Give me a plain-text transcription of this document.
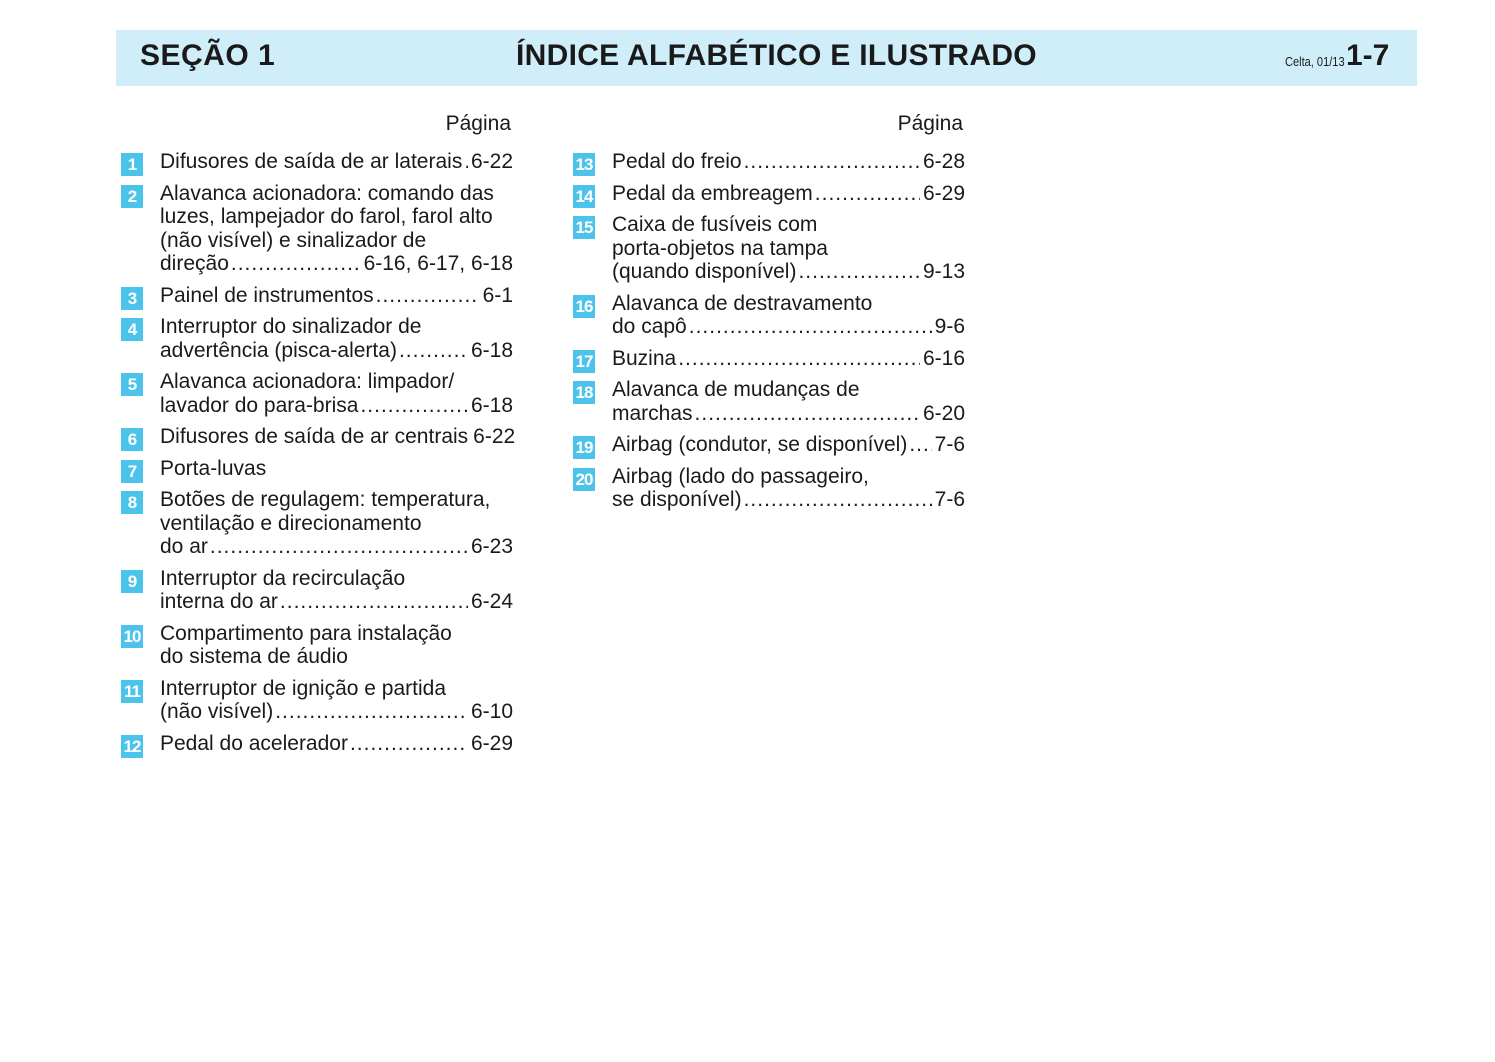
SEÇÃO 1	ÍNDICE ALFABÉTICO E ILUSTRADO	Celta, 01/13 1-7
Página
1	Difusores de saída de ar laterais ..... 6-22
2	Alavanca acionadora: comando das
luzes, lampejador do farol, farol alto
(não visível) e sinalizador de
direção .....	6-16, 6-17, 6-18
3	Painel de instrumentos .....	6-1
4	Interruptor do sinalizador de
advertência (pisca-alerta) .....	6-18
5	Alavanca acionadora: limpador/
lavador do para-brisa .....	6-18
6	Difusores de saída de ar centrais 6-22
7	Porta-luvas
8	Botões de regulagem: temperatura,
ventilação e direcionamento
do ar .....	6-23
9	Interruptor da recirculação
interna do ar .....	6-24
10 Compartimento para instalação
do sistema de áudio
11 Interruptor de ignição e partida
(não visível) .....	6-10
12 Pedal do acelerador .....	6-29
Página
13 Pedal do freio .....	6-28
14 Pedal da embreagem .....	6-29
15 Caixa de fusíveis com
porta-objetos na tampa
(quando disponível) .....	9-13
16 Alavanca de destravamento
do capô .....	9-6
17 Buzina .....	6-16
18 Alavanca de mudanças de
marchas .....	6-20
19 Airbag (condutor, se disponível) ..... 7-6
20 Airbag (lado do passageiro,
se disponível) .....	7-6
